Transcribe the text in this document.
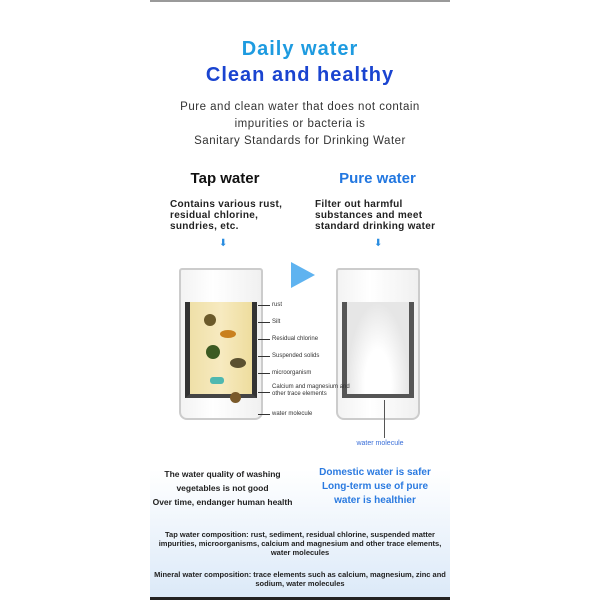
Daily water
Clean and healthy
Pure and clean water that does not contain
impurities or bacteria is
Sanitary Standards for Drinking Water
Tap water	Pure water
Contains various rust,
residual chlorine,
sundries, etc.
Filter out harmful
substances and meet
standard drinking water
⬇	⬇
rust
Silt
Residual chlorine
Suspended solids
microorganism
Calcium and magnesium and other trace elements
water molecule
water molecule
The water quality of washing
vegetables is not good
Over time, endanger human health
Domestic water is safer
Long-term use of pure
water is healthier
Tap water composition: rust, sediment, residual chlorine, suspended matter impurities, microorganisms, calcium and magnesium and other trace elements, water molecules
Mineral water composition: trace elements such as calcium, magnesium, zinc and sodium, water molecules
